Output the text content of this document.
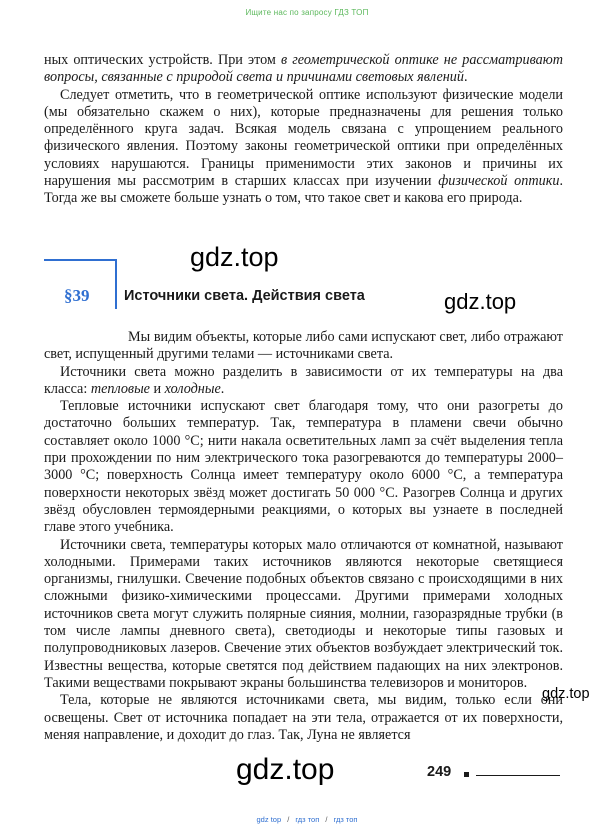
Ищите нас по запросу ГДЗ ТОП

ных оптических устройств. При этом в геометрической оптике не рассматривают вопросы, связанные с природой света и причинами световых явлений.

Следует отметить, что в геометрической оптике используют физические модели (мы обязательно скажем о них), которые предназначены для решения только определённого круга задач. Всякая модель связана с упрощением реального физического явления. Поэтому законы геометрической оптики при определённых условиях нарушаются. Границы применимости этих законов и причины их нарушения мы рассмотрим в старших классах при изучении физической оптики. Тогда же вы сможете больше узнать о том, что такое свет и какова его природа.

§39 Источники света. Действия света

Мы видим объекты, которые либо сами испускают свет, либо отражают свет, испущенный другими телами — источниками света.

Источники света можно разделить в зависимости от их температуры на два класса: тепловые и холодные.

Тепловые источники испускают свет благодаря тому, что они разогреты до достаточно больших температур. Так, температура в пламени свечи обычно составляет около 1000 °С; нити накала осветительных ламп за счёт выделения тепла при прохождении по ним электрического тока разогреваются до температуры 2000–3000 °С; поверхность Солнца имеет температуру около 6000 °С, а температура поверхности некоторых звёзд может достигать 50 000 °С. Разогрев Солнца и других звёзд обусловлен термоядерными реакциями, о которых вы узнаете в последней главе этого учебника.

Источники света, температуры которых мало отличаются от комнатной, называют холодными. Примерами таких источников являются некоторые светящиеся организмы, гнилушки. Свечение подобных объектов связано с происходящими в них сложными физико-химическими процессами. Другими примерами холодных источников света могут служить полярные сияния, молнии, газоразрядные трубки (в том числе лампы дневного света), светодиоды и некоторые типы газовых и полупроводниковых лазеров. Свечение этих объектов возбуждает электрический ток. Известны вещества, которые светятся под действием падающих на них электронов. Такими веществами покрывают экраны большинства телевизоров и мониторов.

Тела, которые не являются источниками света, мы видим, только если они освещены. Свет от источника попадает на эти тела, отражается от их поверхности, меняя направление, и доходит до глаз. Так, Луна не является

gdz.top
gdz.top
gdz.top
gdz.top	249
gdz top / гдз топ / гдз топ
